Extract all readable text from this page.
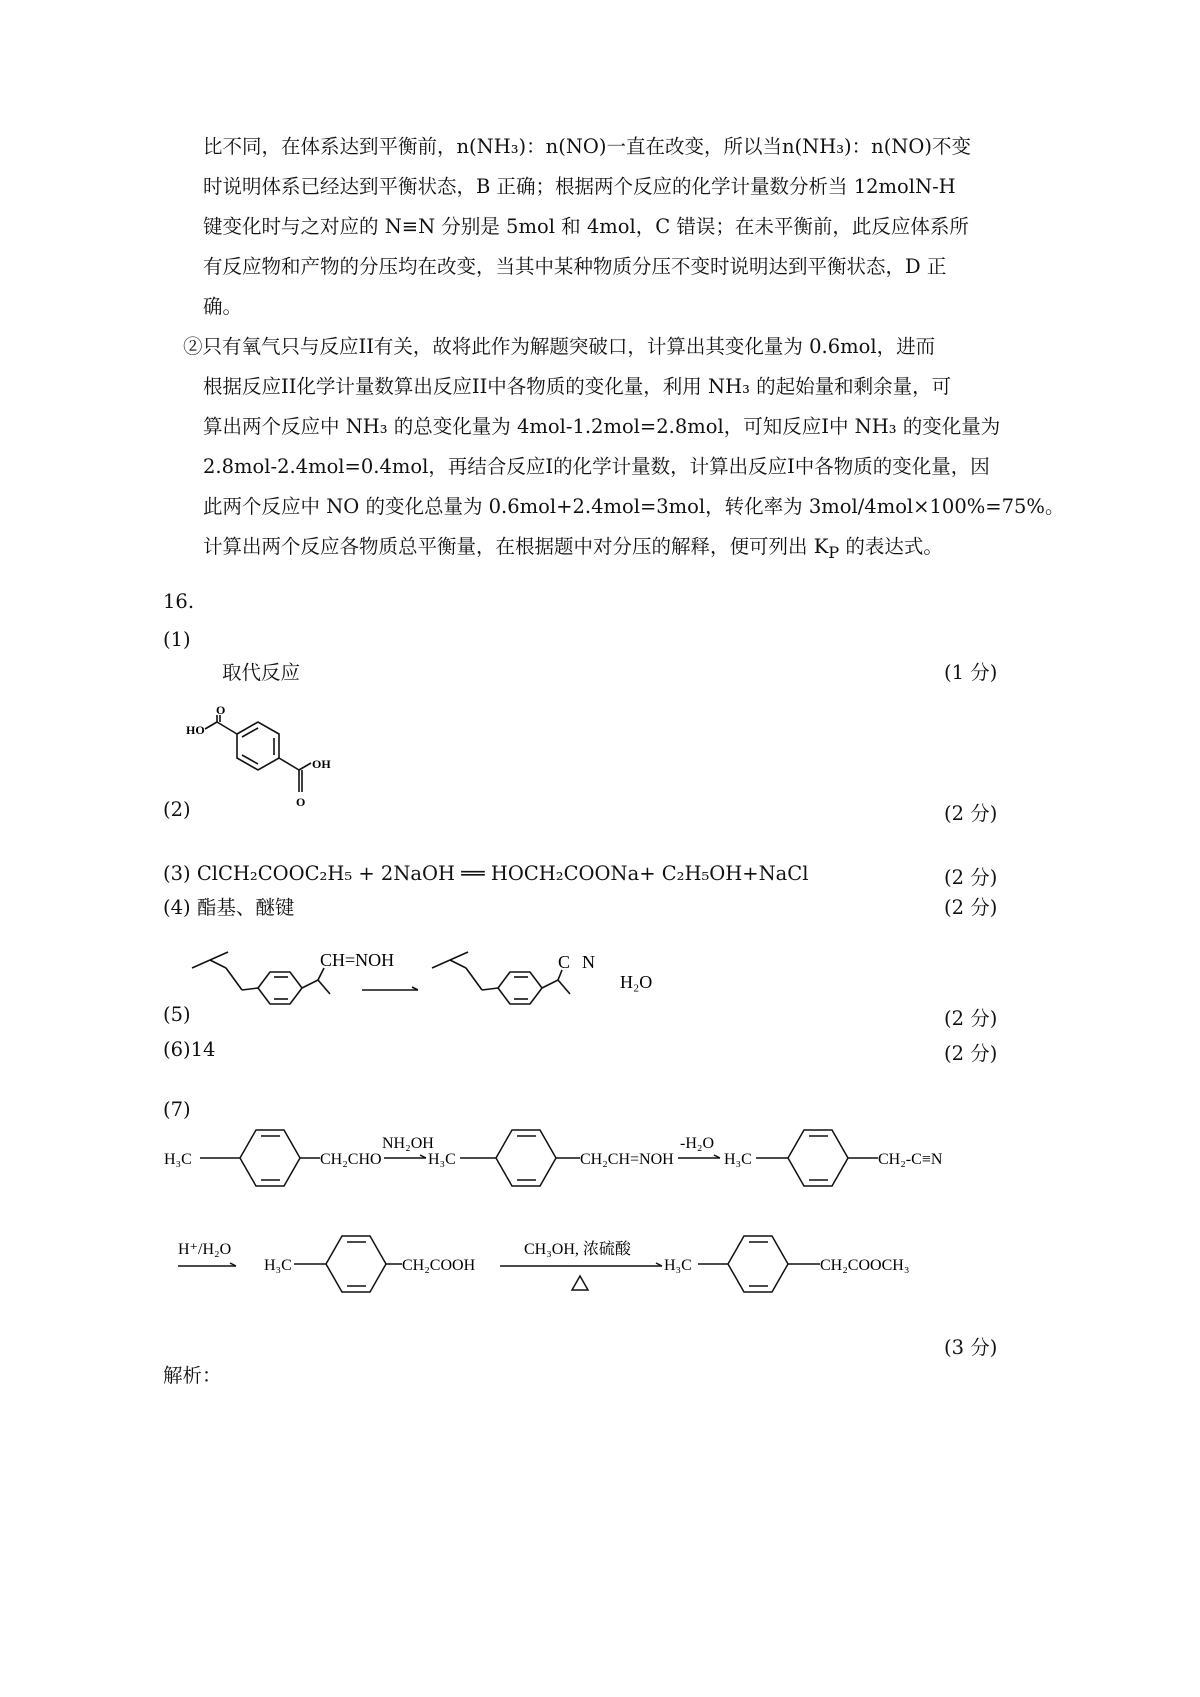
比不同，在体系达到平衡前，n(NH₃)：n(NO)一直在改变，所以当n(NH₃)：n(NO)不变
时说明体系已经达到平衡状态，B 正确；根据两个反应的化学计量数分析当 12molN-H
键变化时与之对应的 N≡N 分别是 5mol 和 4mol，C 错误；在未平衡前，此反应体系所
有反应物和产物的分压均在改变，当其中某种物质分压不变时说明达到平衡状态，D 正
确。
②只有氧气只与反应II有关，故将此作为解题突破口，计算出其变化量为 0.6mol，进而
根据反应II化学计量数算出反应II中各物质的变化量，利用 NH₃ 的起始量和剩余量，可
算出两个反应中 NH₃ 的总变化量为 4mol-1.2mol=2.8mol，可知反应I中 NH₃ 的变化量为
2.8mol-2.4mol=0.4mol，再结合反应I的化学计量数，计算出反应I中各物质的变化量，因
此两个反应中 NO 的变化总量为 0.6mol+2.4mol=3mol，转化率为 3mol/4mol×100%=75%。
计算出两个反应各物质总平衡量，在根据题中对分压的解释，便可列出 $K_P$ 的表达式。
16.
(1)
取代反应	(1 分)
O
HO
OH
O
(2)	(2 分)
(3) ClCH₂COOC₂H₅ + 2NaOH ══ HOCH₂COONa+ C₂H₅OH+NaCl	(2 分)
(4) 酯基、醚键	(2 分)
CH=NOH	C N
H₂O
(5)	(2 分)
(6)14	(2 分)
(7)
H₃C	CH₂CHO
NH₂OH
H₃C	CH₂CH=NOH
-H₂O
H₃C	CH₂-C≡N
H⁺/H₂O
H₃C	CH₂COOH
CH₃OH, 浓硫酸
H₃C	CH₂COOCH₃
(3 分)
解析：
